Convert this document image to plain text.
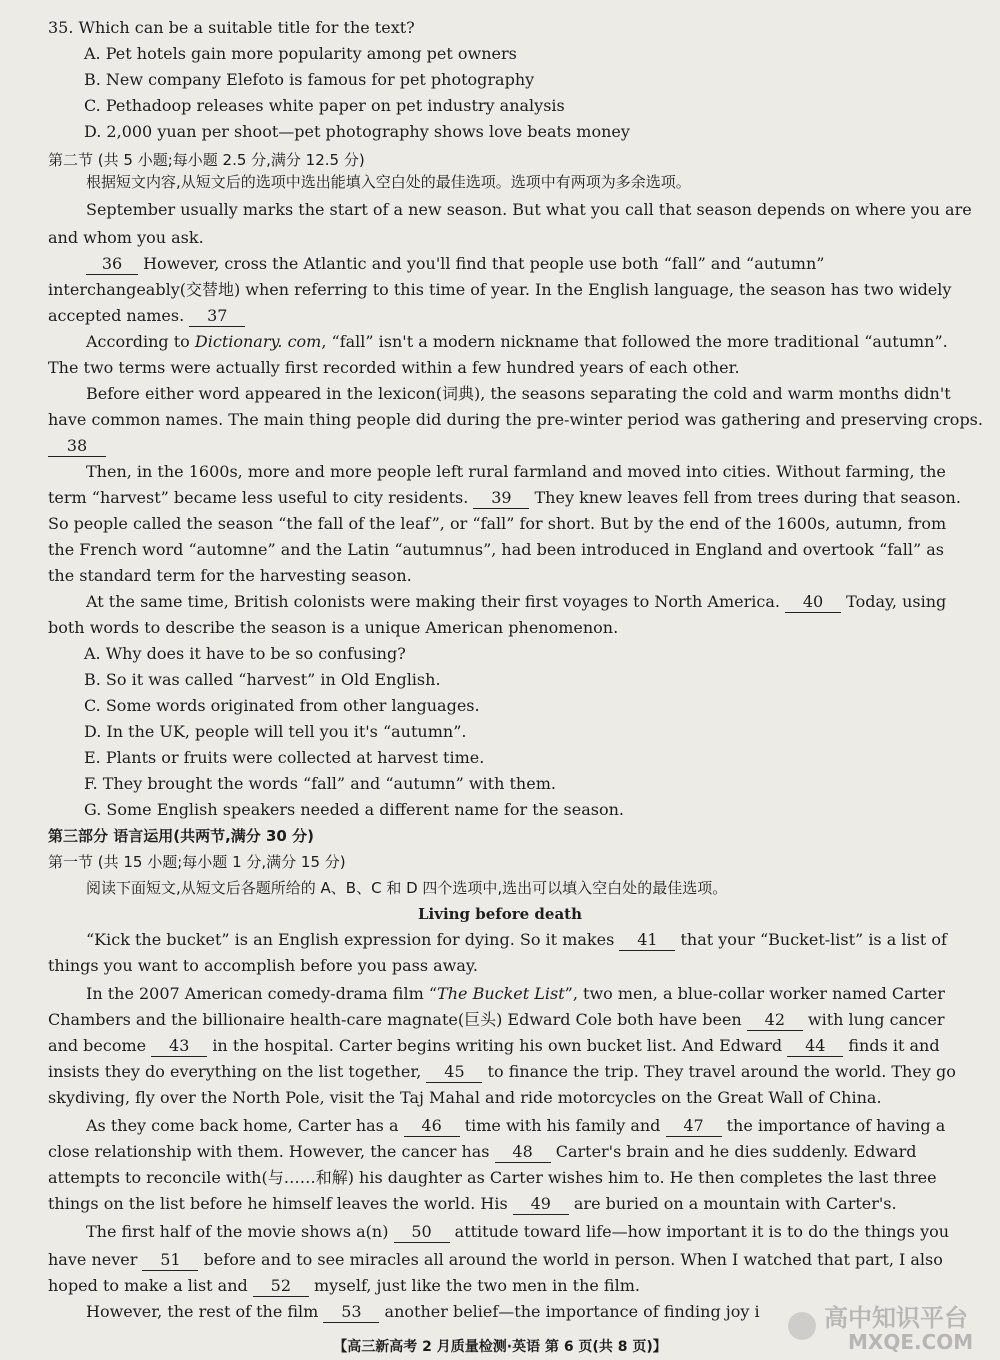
35. Which can be a suitable title for the text?
A. Pet hotels gain more popularity among pet owners
B. New company Elefoto is famous for pet photography
C. Pethadoop releases white paper on pet industry analysis
D. 2,000 yuan per shoot—pet photography shows love beats money
第二节 (共 5 小题;每小题 2.5 分,满分 12.5 分)
根据短文内容,从短文后的选项中选出能填入空白处的最佳选项。选项中有两项为多余选项。
September usually marks the start of a new season. But what you call that season depends on where you are
and whom you ask.
36 However, cross the Atlantic and you'll find that people use both “fall” and “autumn”
interchangeably(交替地) when referring to this time of year. In the English language, the season has two widely
accepted names. 37
According to Dictionary. com, “fall” isn't a modern nickname that followed the more traditional “autumn”.
The two terms were actually first recorded within a few hundred years of each other.
Before either word appeared in the lexicon(词典), the seasons separating the cold and warm months didn't
have common names. The main thing people did during the pre-winter period was gathering and preserving crops.
38
Then, in the 1600s, more and more people left rural farmland and moved into cities. Without farming, the
term “harvest” became less useful to city residents. 39 They knew leaves fell from trees during that season.
So people called the season “the fall of the leaf”, or “fall” for short. But by the end of the 1600s, autumn, from
the French word “automne” and the Latin “autumnus”, had been introduced in England and overtook “fall” as
the standard term for the harvesting season.
At the same time, British colonists were making their first voyages to North America. 40 Today, using
both words to describe the season is a unique American phenomenon.
A. Why does it have to be so confusing?
B. So it was called “harvest” in Old English.
C. Some words originated from other languages.
D. In the UK, people will tell you it's “autumn”.
E. Plants or fruits were collected at harvest time.
F. They brought the words “fall” and “autumn” with them.
G. Some English speakers needed a different name for the season.
第三部分 语言运用(共两节,满分 30 分)
第一节 (共 15 小题;每小题 1 分,满分 15 分)
阅读下面短文,从短文后各题所给的 A、B、C 和 D 四个选项中,选出可以填入空白处的最佳选项。
Living before death
“Kick the bucket” is an English expression for dying. So it makes 41 that your “Bucket-list” is a list of
things you want to accomplish before you pass away.
In the 2007 American comedy-drama film “The Bucket List”, two men, a blue-collar worker named Carter
Chambers and the billionaire health-care magnate(巨头) Edward Cole both have been 42 with lung cancer
and become 43 in the hospital. Carter begins writing his own bucket list. And Edward 44 finds it and
insists they do everything on the list together, 45 to finance the trip. They travel around the world. They go
skydiving, fly over the North Pole, visit the Taj Mahal and ride motorcycles on the Great Wall of China.
As they come back home, Carter has a 46 time with his family and 47 the importance of having a
close relationship with them. However, the cancer has 48 Carter's brain and he dies suddenly. Edward
attempts to reconcile with(与……和解) his daughter as Carter wishes him to. He then completes the last three
things on the list before he himself leaves the world. His 49 are buried on a mountain with Carter's.
The first half of the movie shows a(n) 50 attitude toward life—how important it is to do the things you
have never 51 before and to see miracles all around the world in person. When I watched that part, I also
hoped to make a list and 52 myself, just like the two men in the film.
However, the rest of the film 53 another belief—the importance of finding joy i	高中知识平台
MXQE.COM
【高三新高考 2 月质量检测·英语 第 6 页(共 8 页)】
